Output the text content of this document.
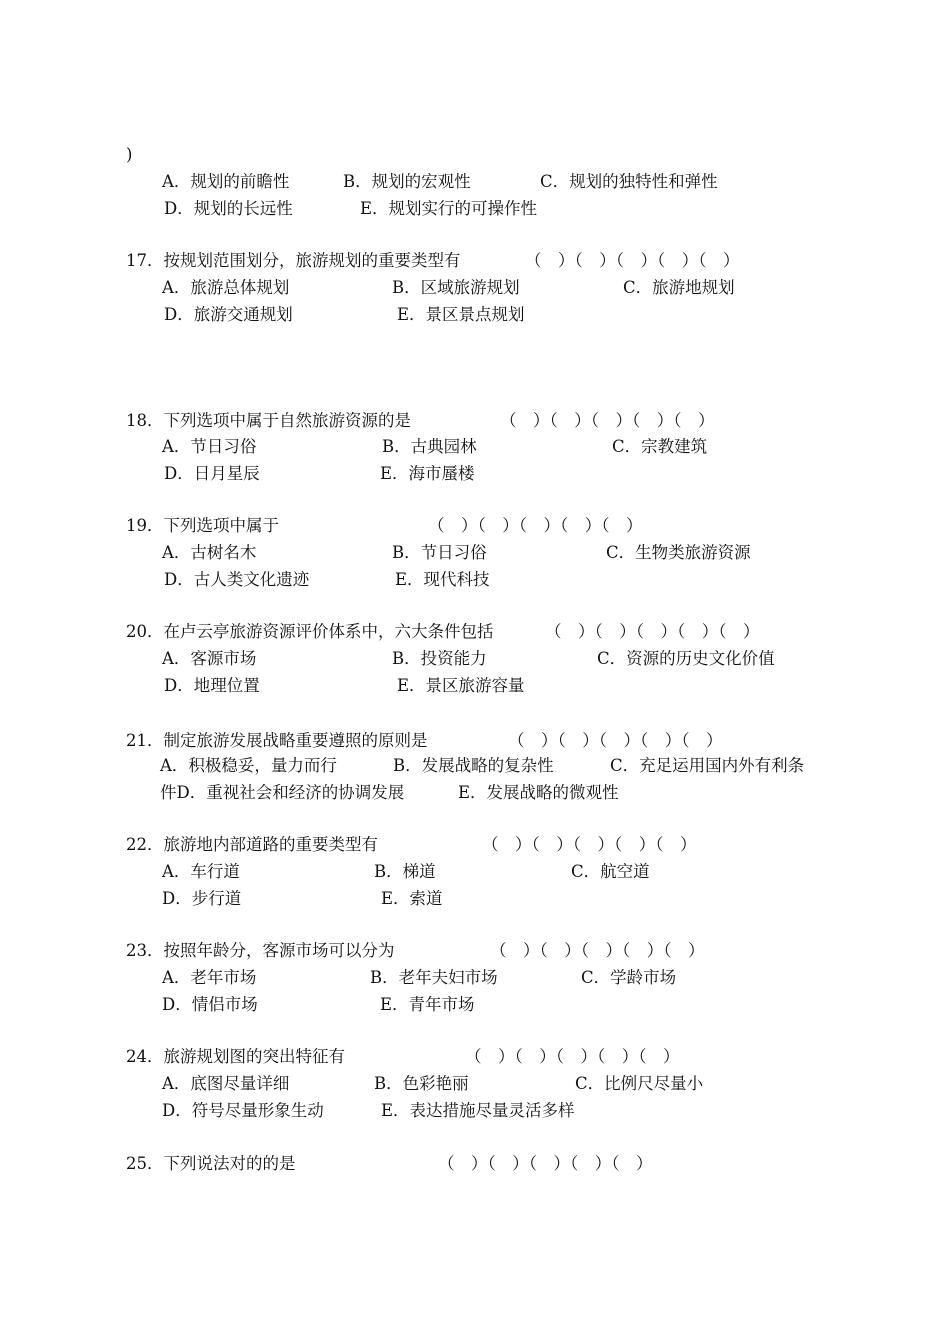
)
A．规划的前瞻性	B．规划的宏观性	C．规划的独特性和弹性
D．规划的长远性	E．规划实行的可操作性
17．按规划范围划分，旅游规划的重要类型有	（　）（　）（　）（　）（　）
A．旅游总体规划	B．区域旅游规划	C．旅游地规划
D．旅游交通规划	E．景区景点规划
18．下列选项中属于自然旅游资源的是	（　）（　）（　）（　）（　）
A．节日习俗	B．古典园林	C．宗教建筑
D．日月星辰	E．海市蜃楼
19．下列选项中属于	（　）（　）（　）（　）（　）
A．古树名木	B．节日习俗	C．生物类旅游资源
D．古人类文化遗迹	E．现代科技
20．在卢云亭旅游资源评价体系中，六大条件包括	（　）（　）（　）（　）（　）
A．客源市场	B．投资能力	C．资源的历史文化价值
D．地理位置	E．景区旅游容量
21．制定旅游发展战略重要遵照的原则是	（　）（　）（　）（　）（　）
A．积极稳妥，量力而行	B．发展战略的复杂性	C．充足运用国内外有利条
件D．重视社会和经济的协调发展	E．发展战略的微观性
22．旅游地内部道路的重要类型有	（　）（　）（　）（　）（　）
A．车行道	B．梯道	C．航空道
D．步行道	E．索道
23．按照年龄分，客源市场可以分为	（　）（　）（　）（　）（　）
A．老年市场	B．老年夫妇市场	C．学龄市场
D．情侣市场	E．青年市场
24．旅游规划图的突出特征有	（　）（　）（　）（　）（　）
A．底图尽量详细	B．色彩艳丽	C．比例尺尽量小
D．符号尽量形象生动	E．表达措施尽量灵活多样
25．下列说法对的的是	（　）（　）（　）（　）（　）
